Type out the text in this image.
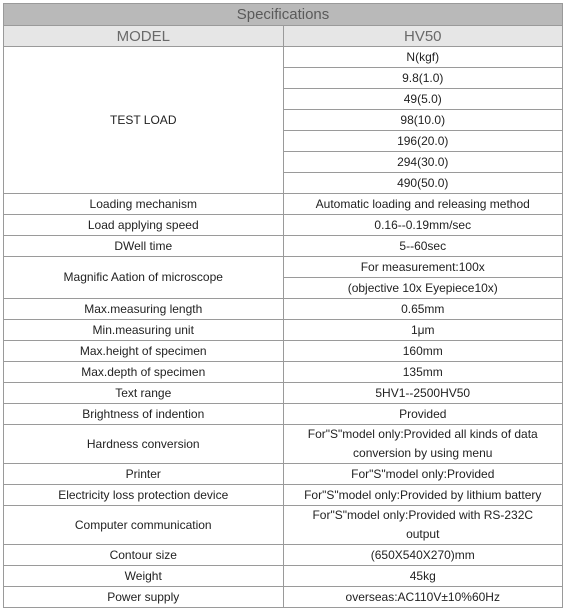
Specifications	
MODEL	HV50
TEST LOAD	N(kgf)
	9.8(1.0)
	49(5.0)
	98(10.0)
	196(20.0)
	294(30.0)
	490(50.0)
Loading mechanism	Automatic loading and releasing method
Load applying speed	0.16--0.19mm/sec
DWell time	5--60sec
Magnific Aation of microscope	For measurement:100x
	(objective 10x Eyepiece10x)
Max.measuring length	0.65mm
Min.measuring unit	1μm
Max.height of specimen	160mm
Max.depth of specimen	135mm
Text range	5HV1--2500HV50
Brightness of indention	Provided
Hardness conversion	For"S"model only:Provided all kinds of data
conversion by using menu

Printer	For"S"model only:Provided
Electricity loss protection device	For"S"model only:Provided by lithium battery
Computer communication	For"S"model only:Provided with RS-232C
output

Contour size	(650X540X270)mm
Weight	45kg
Power supply	overseas:AC110V±10%60Hz
